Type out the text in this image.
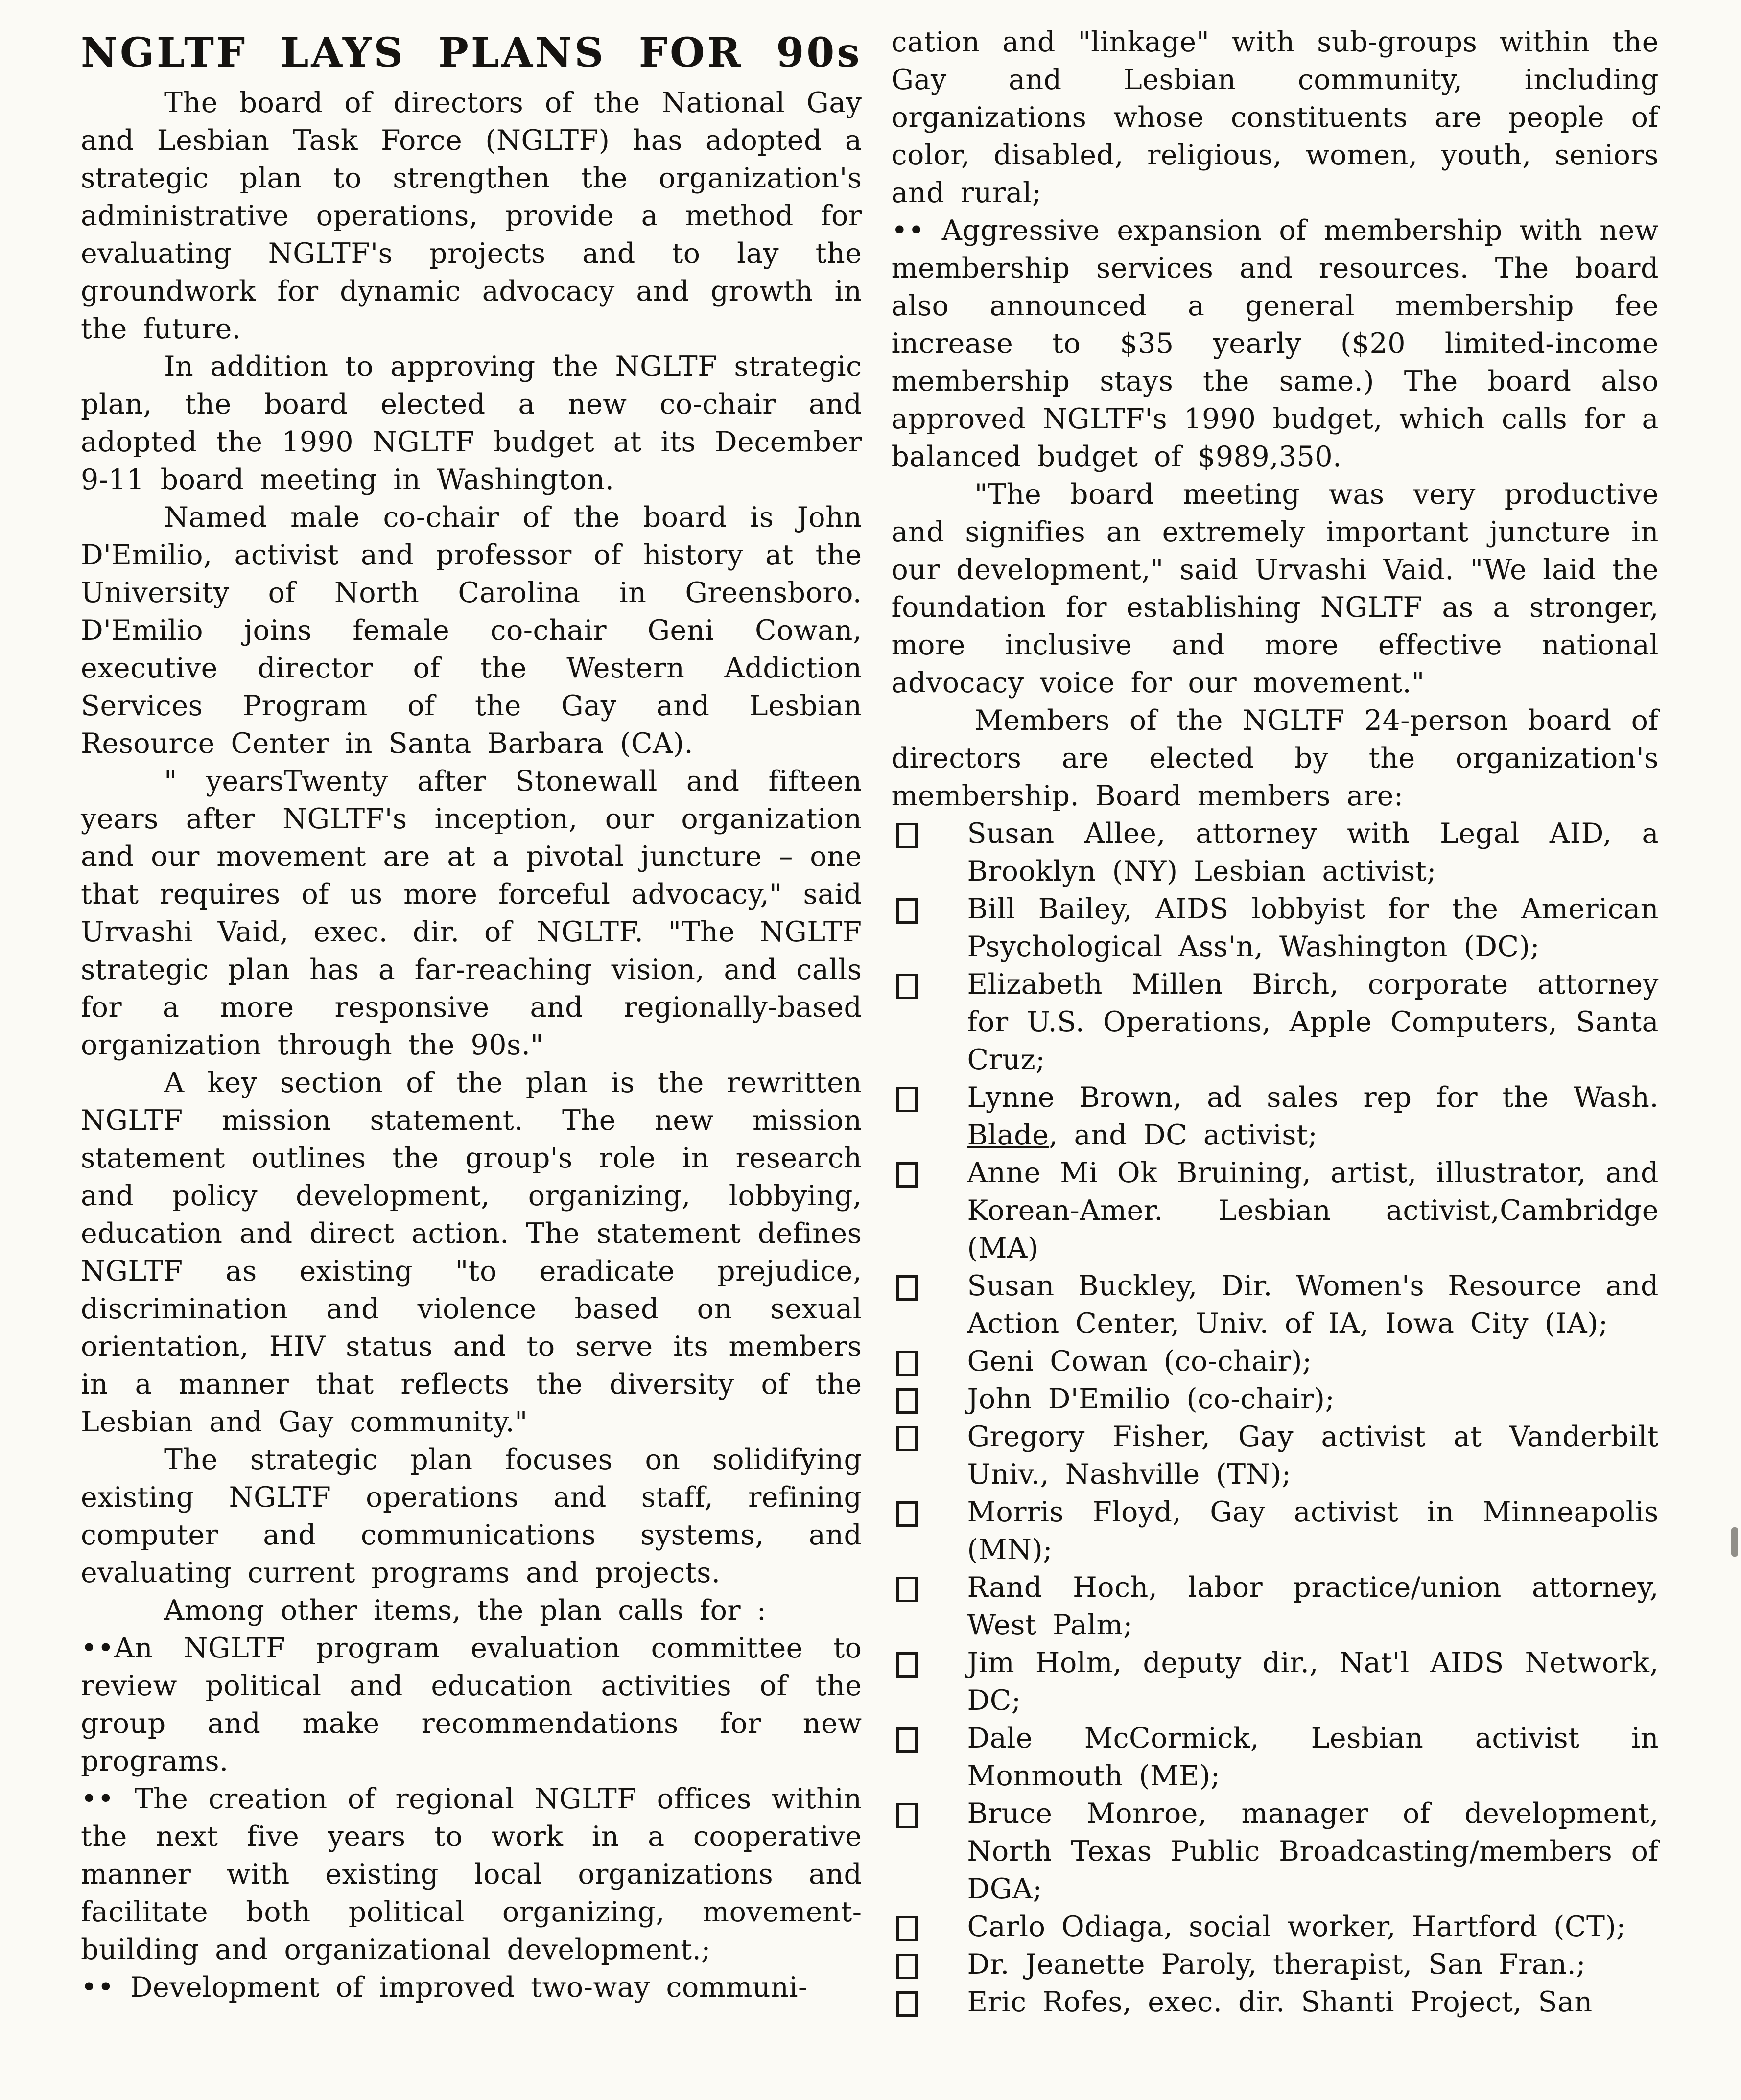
NGLTF LAYS PLANS FOR 90s

The board of directors of the National Gay and Lesbian Task Force (NGLTF) has adopted a strategic plan to strengthen the organization's administrative operations, provide a method for evaluating NGLTF's projects and to lay the groundwork for dynamic advocacy and growth in the future.

In addition to approving the NGLTF strategic plan, the board elected a new co-chair and adopted the 1990 NGLTF budget at its December 9-11 board meeting in Washington.

Named male co-chair of the board is John D'Emilio, activist and professor of history at the University of North Carolina in Greensboro. D'Emilio joins female co-chair Geni Cowan, executive director of the Western Addiction Services Program of the Gay and Lesbian Resource Center in Santa Barbara (CA).

" yearsTwenty after Stonewall and fifteen years after NGLTF's inception, our organization and our movement are at a pivotal juncture – one that requires of us more forceful advocacy," said Urvashi Vaid, exec. dir. of NGLTF. "The NGLTF strategic plan has a far-reaching vision, and calls for a more responsive and regionally-based organization through the 90s."

A key section of the plan is the rewritten NGLTF mission statement. The new mission statement outlines the group's role in research and policy development, organizing, lobbying, education and direct action. The statement defines NGLTF as existing "to eradicate prejudice, discrimination and violence based on sexual orientation, HIV status and to serve its members in a manner that reflects the diversity of the Lesbian and Gay community."

The strategic plan focuses on solidifying existing NGLTF operations and staff, refining computer and communications systems, and evaluating current programs and projects.

Among other items, the plan calls for :

••An NGLTF program evaluation committee to review political and education activities of the group and make recommendations for new programs.

•• The creation of regional NGLTF offices within the next five years to work in a cooperative manner with existing local organizations and facilitate both political organizing, movement-building and organizational development.;

•• Development of improved two-way communi-

cation and "linkage" with sub-groups within the Gay and Lesbian community, including organizations whose constituents are people of color, disabled, religious, women, youth, seniors and rural;

•• Aggressive expansion of membership with new membership services and resources. The board also announced a general membership fee increase to $35 yearly ($20 limited-income membership stays the same.) The board also approved NGLTF's 1990 budget, which calls for a balanced budget of $989,350.

"The board meeting was very productive and signifies an extremely important juncture in our development," said Urvashi Vaid. "We laid the foundation for establishing NGLTF as a stronger, more inclusive and more effective national advocacy voice for our movement."

Members of the NGLTF 24-person board of directors are elected by the organization's membership. Board members are:

Susan Allee, attorney with Legal AID, a Brooklyn (NY) Lesbian activist;
Bill Bailey, AIDS lobbyist for the American Psychological Ass'n, Washington (DC);
Elizabeth Millen Birch, corporate attorney for U.S. Operations, Apple Computers, Santa Cruz;
Lynne Brown, ad sales rep for the Wash. Blade, and DC activist;
Anne Mi Ok Bruining, artist, illustrator, and Korean-Amer. Lesbian activist,Cambridge (MA)
Susan Buckley, Dir. Women's Resource and Action Center, Univ. of IA, Iowa City (IA);
Geni Cowan (co-chair);
John D'Emilio (co-chair);
Gregory Fisher, Gay activist at Vanderbilt Univ., Nashville (TN);
Morris Floyd, Gay activist in Minneapolis (MN);
Rand Hoch, labor practice/union attorney, West Palm;
Jim Holm, deputy dir., Nat'l AIDS Network, DC;
Dale McCormick, Lesbian activist in Monmouth (ME);
Bruce Monroe, manager of development, North Texas Public Broadcasting/members of DGA;
Carlo Odiaga, social worker, Hartford (CT);
Dr. Jeanette Paroly, therapist, San Fran.;
Eric Rofes, exec. dir. Shanti Project, San
